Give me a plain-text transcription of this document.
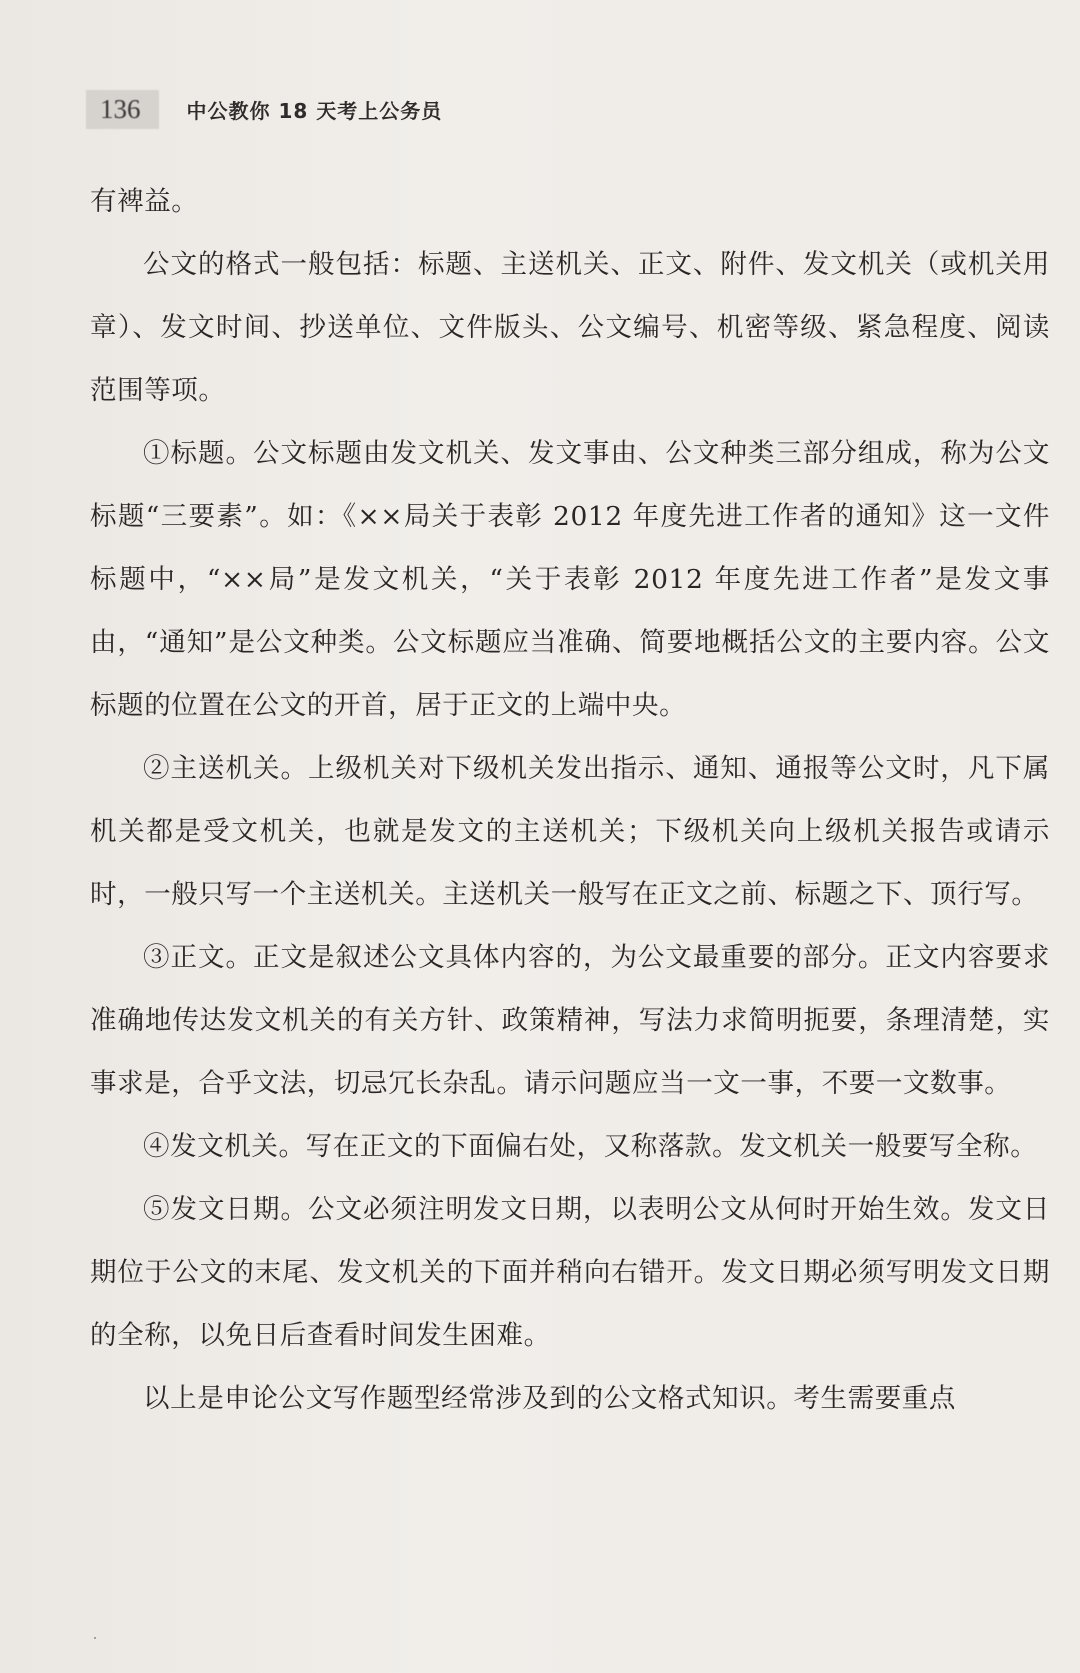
136	中公教你 18 天考上公务员

有裨益。

公文的格式一般包括：标题、主送机关、正文、附件、发文机关（或机关用章）、发文时间、抄送单位、文件版头、公文编号、机密等级、紧急程度、阅读范围等项。

①标题。公文标题由发文机关、发文事由、公文种类三部分组成，称为公文标题“三要素”。如：《××局关于表彰 2012 年度先进工作者的通知》这一文件标题中，“××局”是发文机关，“关于表彰 2012 年度先进工作者”是发文事由，“通知”是公文种类。公文标题应当准确、简要地概括公文的主要内容。公文标题的位置在公文的开首，居于正文的上端中央。

②主送机关。上级机关对下级机关发出指示、通知、通报等公文时，凡下属机关都是受文机关，也就是发文的主送机关；下级机关向上级机关报告或请示时，一般只写一个主送机关。主送机关一般写在正文之前、标题之下、顶行写。

③正文。正文是叙述公文具体内容的，为公文最重要的部分。正文内容要求准确地传达发文机关的有关方针、政策精神，写法力求简明扼要，条理清楚，实事求是，合乎文法，切忌冗长杂乱。请示问题应当一文一事，不要一文数事。

④发文机关。写在正文的下面偏右处，又称落款。发文机关一般要写全称。

⑤发文日期。公文必须注明发文日期，以表明公文从何时开始生效。发文日期位于公文的末尾、发文机关的下面并稍向右错开。发文日期必须写明发文日期的全称，以免日后查看时间发生困难。

以上是申论公文写作题型经常涉及到的公文格式知识。考生需要重点
